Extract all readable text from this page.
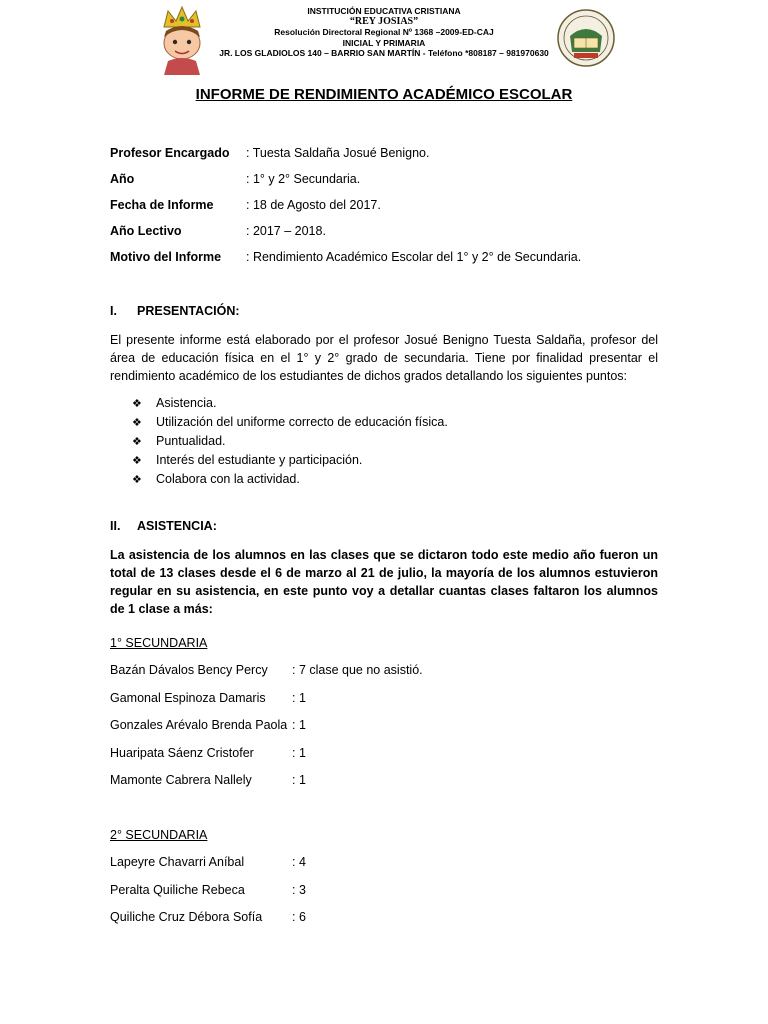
INSTITUCIÓN EDUCATIVA CRISTIANA
“REY JOSIAS”
Resolución Directoral Regional Nº 1368 –2009-ED-CAJ
INICIAL Y PRIMARIA
JR. LOS GLADIOLOS 140 – BARRIO SAN MARTÍN - Teléfono *808187 – 981970630
INFORME DE RENDIMIENTO ACADÉMICO ESCOLAR
Profesor Encargado : Tuesta Saldaña Josué Benigno.
Año	: 1° y 2° Secundaria.
Fecha de Informe	: 18 de Agosto del 2017.
Año Lectivo	: 2017 – 2018.
Motivo del Informe : Rendimiento Académico Escolar del 1° y 2° de Secundaria.
I. PRESENTACIÓN:
El presente informe está elaborado por el profesor Josué Benigno Tuesta Saldaña, profesor del área de educación física en el 1° y 2° grado de secundaria. Tiene por finalidad presentar el rendimiento académico de los estudiantes de dichos grados detallando los siguientes puntos:
❖ Asistencia.
❖ Utilización del uniforme correcto de educación física.
❖ Puntualidad.
❖ Interés del estudiante y participación.
❖ Colabora con la actividad.
II. ASISTENCIA:
La asistencia de los alumnos en las clases que se dictaron todo este medio año fueron un total de 13 clases desde el 6 de marzo al 21 de julio, la mayoría de los alumnos estuvieron regular en su asistencia, en este punto voy a detallar cuantas clases faltaron los alumnos de 1 clase a más:
1° SECUNDARIA
Bazán Dávalos Bency Percy : 7 clase que no asistió.
Gamonal Espinoza Damaris : 1
Gonzales Arévalo Brenda Paola : 1
Huaripata Sáenz Cristofer	: 1
Mamonte Cabrera Nallely	: 1
2° SECUNDARIA
Lapeyre Chavarri Aníbal	: 4
Peralta Quiliche Rebeca	: 3
Quiliche Cruz Débora Sofía : 6
